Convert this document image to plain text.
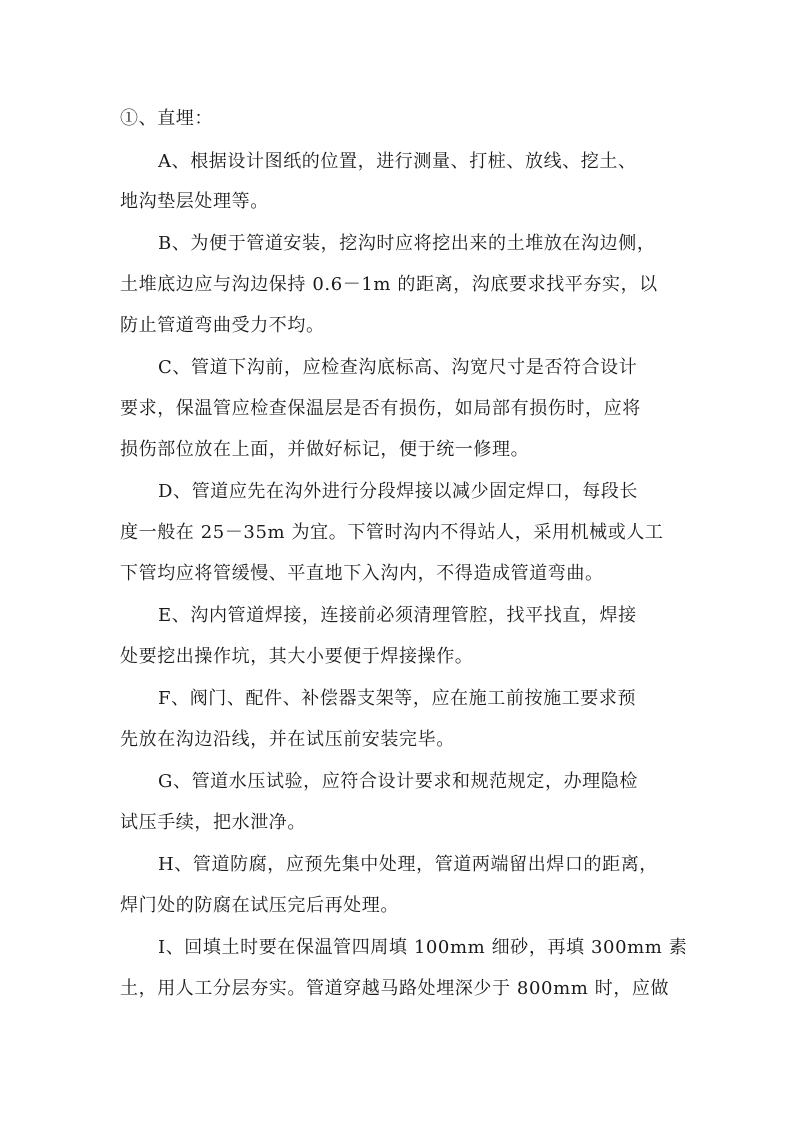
①、直埋：
A、根据设计图纸的位置，进行测量、打桩、放线、挖土、
地沟垫层处理等。
B、为便于管道安装，挖沟时应将挖出来的土堆放在沟边侧，
土堆底边应与沟边保持 0.6－1m 的距离，沟底要求找平夯实，以
防止管道弯曲受力不均。
C、管道下沟前，应检查沟底标高、沟宽尺寸是否符合设计
要求，保温管应检查保温层是否有损伤，如局部有损伤时，应将
损伤部位放在上面，并做好标记，便于统一修理。
D、管道应先在沟外进行分段焊接以减少固定焊口，每段长
度一般在 25－35m 为宜。下管时沟内不得站人，采用机械或人工
下管均应将管缓慢、平直地下入沟内，不得造成管道弯曲。
E、沟内管道焊接，连接前必须清理管腔，找平找直，焊接
处要挖出操作坑，其大小要便于焊接操作。
F、阀门、配件、补偿器支架等，应在施工前按施工要求预
先放在沟边沿线，并在试压前安装完毕。
G、管道水压试验，应符合设计要求和规范规定，办理隐检
试压手续，把水泄净。
H、管道防腐，应预先集中处理，管道两端留出焊口的距离，
焊门处的防腐在试压完后再处理。
I、回填土时要在保温管四周填 100mm 细砂，再填 300mm 素
土，用人工分层夯实。管道穿越马路处埋深少于 800mm 时，应做
